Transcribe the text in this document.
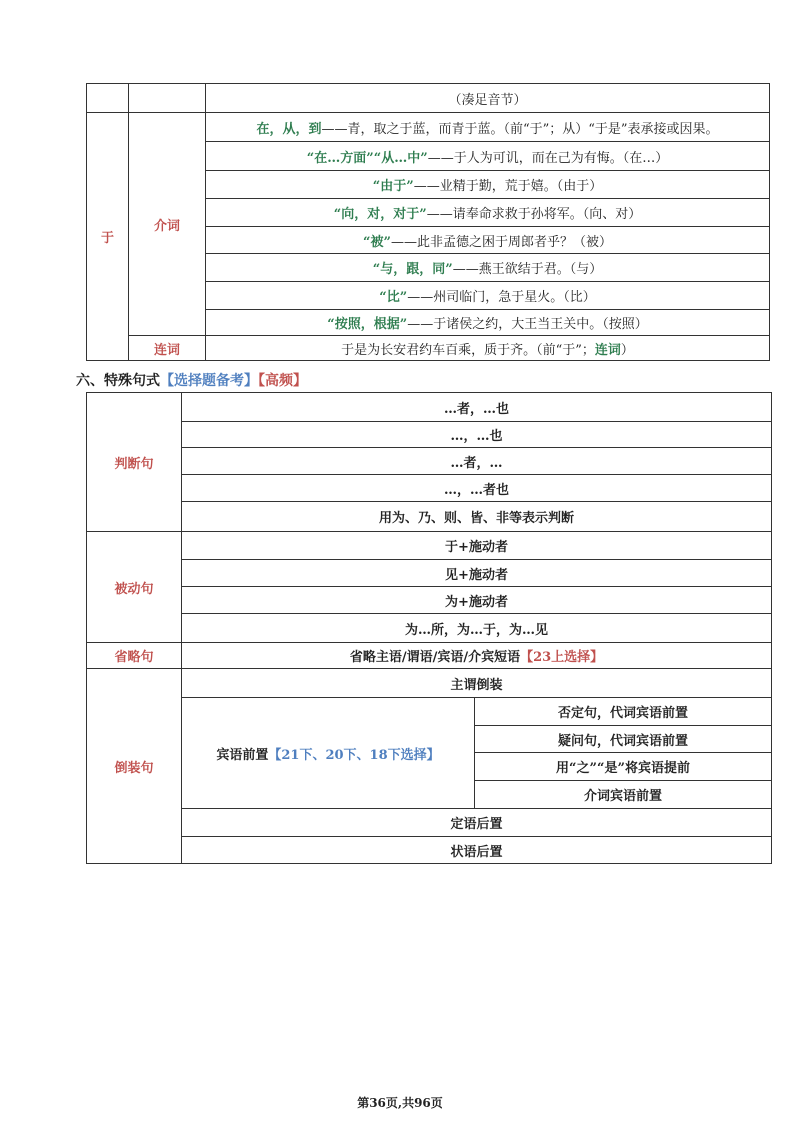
（凑足音节）
于
介词
连词
在，从，到 ——青，取之于蓝，而青于蓝。（前“于”；从）“于是”表承接或因果。
“在…方面”“从…中” ——于人为可讥，而在己为有悔。（在…）
“由于” ——业精于勤，荒于嬉。（由于）
“向，对，对于” ——请奉命求救于孙将军。（向、对）
“被” ——此非孟德之困于周郎者乎？（被）
“与，跟，同” ——燕王欲结于君。（与）
“比” ——州司临门，急于星火。（比）
“按照，根据” ——于诸侯之约，大王当王关中。（按照）
于是为长安君约车百乘，质于齐。（前“于”； 连词 ）
六、特殊句式【选择题备考】【高频】
判断句
被动句
省略句
倒装句
…者，…也
…，…也
…者，…
…，…者也
用为、乃、则、皆、非等表示判断
于+施动者
见+施动者
为+施动者
为…所，为…于，为…见
省略主语/谓语/宾语/介宾短语 【23上选择】
主谓倒装
宾语前置 【21下、20下、 18下选择 】
否定句，代词宾语前置
疑问句，代词宾语前置
用“之”“是”将宾语提前
介词宾语前置
定语后置
状语后置
第36页,共96页
